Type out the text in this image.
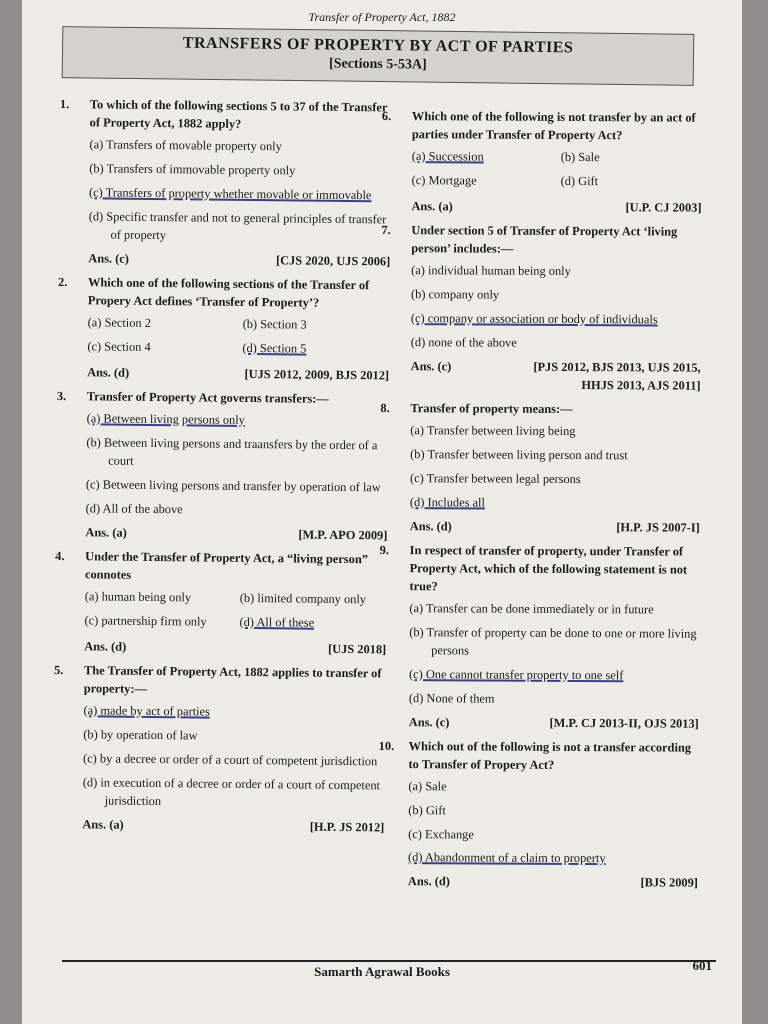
Transfer of Property Act, 1882
TRANSFERS OF PROPERTY BY ACT OF PARTIES
[Sections 5-53A]
1. To which of the following sections 5 to 37 of the Transfer of Property Act, 1882 apply?
(a) Transfers of movable property only
(b) Transfers of immovable property only
(c) Transfers of property whether movable or immovable
(d) Specific transfer and not to general principles of transfer of property
Ans. (c)	[CJS 2020, UJS 2006]
2. Which one of the following sections of the Transfer of Propery Act defines ‘Transfer of Property’?
(a) Section 2	(b) Section 3
(c) Section 4	(d) Section 5
Ans. (d)	[UJS 2012, 2009, BJS 2012]
3. Transfer of Property Act governs transfers:—
(a) Between living persons only
(b) Between living persons and traansfers by the order of a court
(c) Between living persons and transfer by operation of law
(d) All of the above
Ans. (a)	[M.P. APO 2009]
4. Under the Transfer of Property Act, a “living person” connotes
(a) human being only	(b) limited company only
(c) partnership firm only	(d) All of these
Ans. (d)	[UJS 2018]
5. The Transfer of Property Act, 1882 applies to transfer of property:—
(a) made by act of parties
(b) by operation of law
(c) by a decree or order of a court of competent jurisdiction
(d) in execution of a decree or order of a court of competent jurisdiction
Ans. (a)	[H.P. JS 2012]
6. Which one of the following is not transfer by an act of parties under Transfer of Property Act?
(a) Succession	(b) Sale
(c) Mortgage	(d) Gift
Ans. (a)	[U.P. CJ 2003]
7. Under section 5 of Transfer of Property Act ‘living person’ includes:—
(a) individual human being only
(b) company only
(c) company or association or body of individuals
(d) none of the above
Ans. (c)	[PJS 2012, BJS 2013, UJS 2015, HHJS 2013, AJS 2011]
8. Transfer of property means:—
(a) Transfer between living being
(b) Transfer between living person and trust
(c) Transfer between legal persons
(d) Includes all
Ans. (d)	[H.P. JS 2007-I]
9. In respect of transfer of property, under Transfer of Property Act, which of the following statement is not true?
(a) Transfer can be done immediately or in future
(b) Transfer of property can be done to one or more living persons
(c) One cannot transfer property to one self
(d) None of them
Ans. (c)	[M.P. CJ 2013-II, OJS 2013]
10. Which out of the following is not a transfer according to Transfer of Propery Act?
(a) Sale
(b) Gift
(c) Exchange
(d) Abandonment of a claim to property
Ans. (d)	[BJS 2009]
Samarth Agrawal Books	601
